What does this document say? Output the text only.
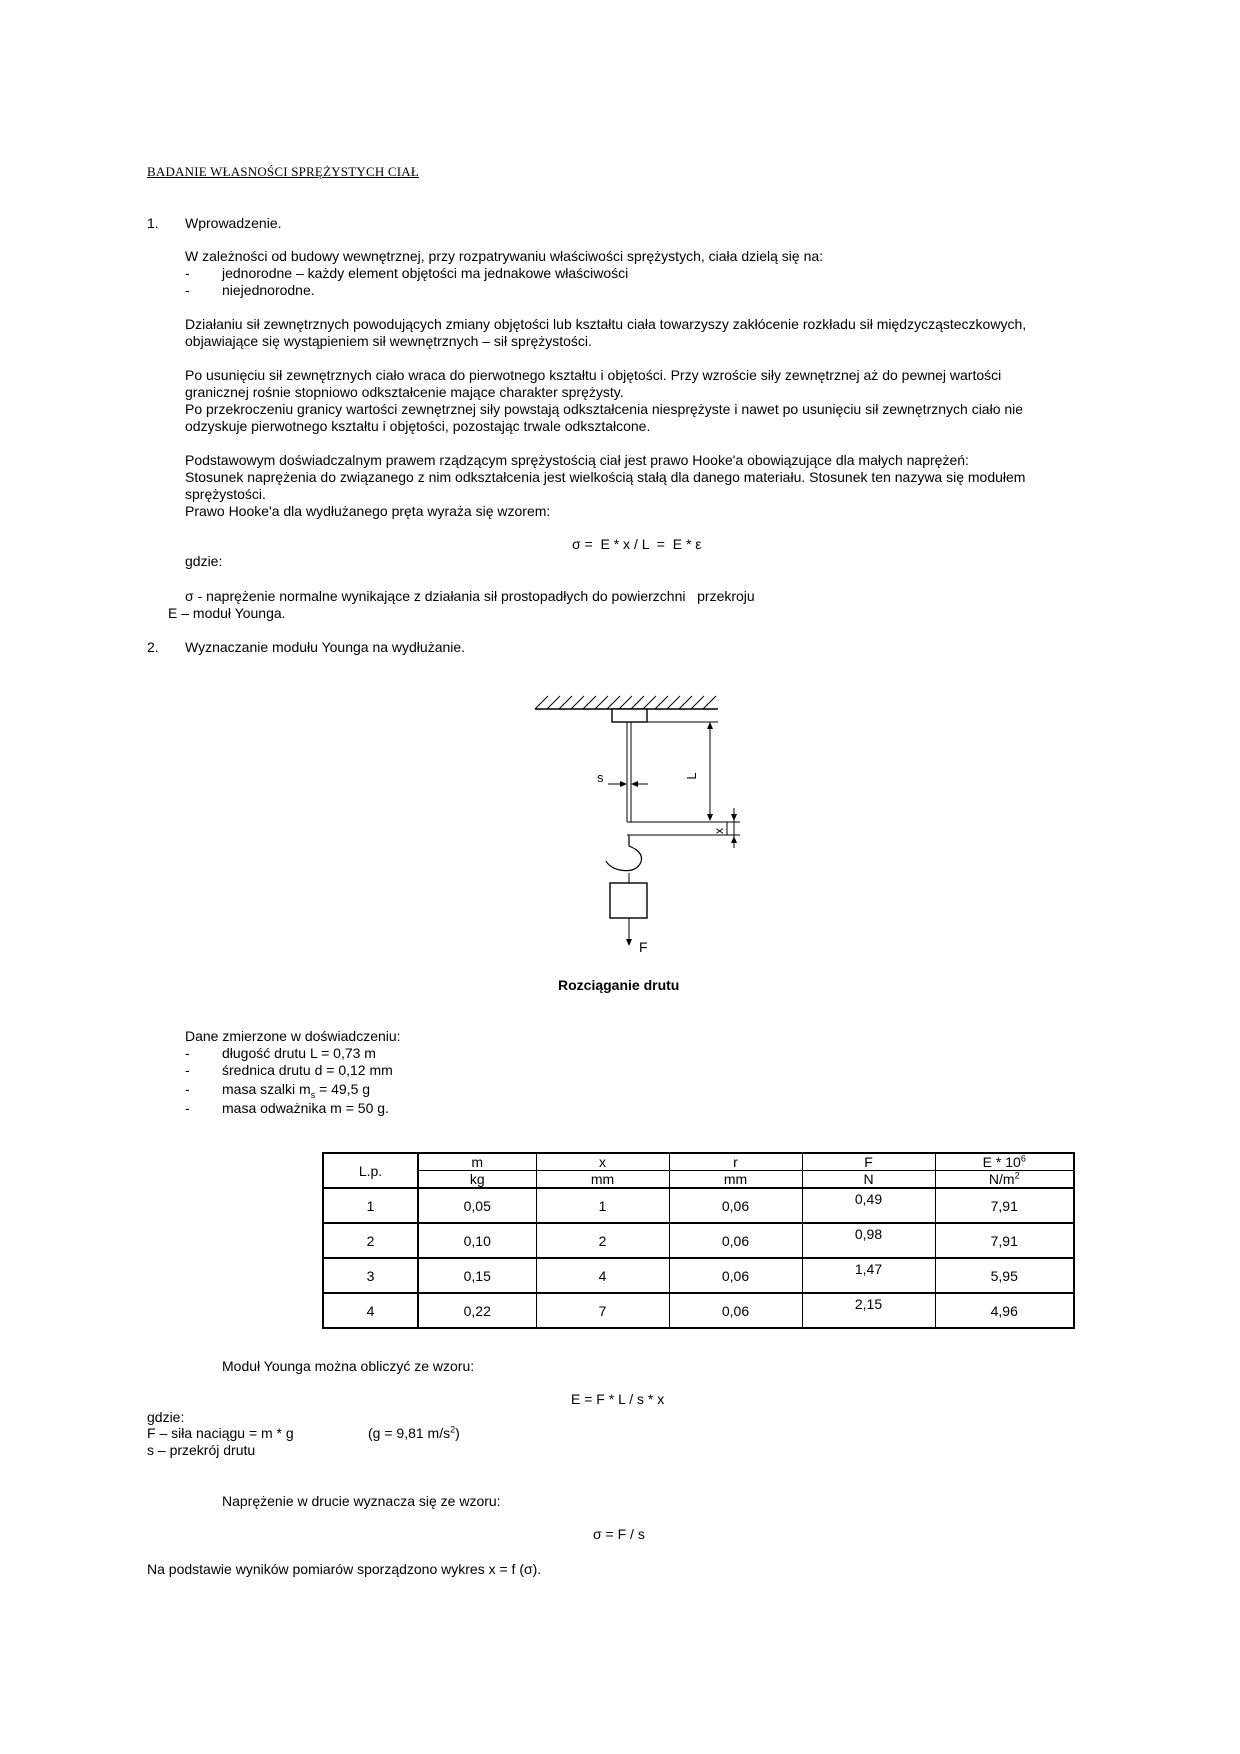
BADANIE WŁASNOŚCI SPRĘŻYSTYCH CIAŁ
1. Wprowadzenie.
W zależności od budowy wewnętrznej, przy rozpatrywaniu właściwości sprężystych, ciała dzielą się na:
- jednorodne – każdy element objętości ma jednakowe właściwości
- niejednorodne.
Działaniu sił zewnętrznych powodujących zmiany objętości lub kształtu ciała towarzyszy zakłócenie rozkładu sił międzycząsteczkowych,
objawiające się wystąpieniem sił wewnętrznych – sił sprężystości.
Po usunięciu sił zewnętrznych ciało wraca do pierwotnego kształtu i objętości. Przy wzroście siły zewnętrznej aż do pewnej wartości
granicznej rośnie stopniowo odkształcenie mające charakter sprężysty.
Po przekroczeniu granicy wartości zewnętrznej siły powstają odkształcenia niesprężyste i nawet po usunięciu sił zewnętrznych ciało nie
odzyskuje pierwotnego kształtu i objętości, pozostając trwale odkształcone.
Podstawowym doświadczalnym prawem rządzącym sprężystością ciał jest prawo Hooke'a obowiązujące dla małych naprężeń:
Stosunek naprężenia do związanego z nim odkształcenia jest wielkością stałą dla danego materiału. Stosunek ten nazywa się modułem
sprężystości.
Prawo Hooke'a dla wydłużanego pręta wyraża się wzorem:
σ =  E * x / L  =  E * ε
gdzie:
σ - naprężenie normalne wynikające z działania sił prostopadłych do powierzchni   przekroju
E – moduł Younga.
2. Wyznaczanie modułu Younga na wydłużanie.
L
x
s
F
Rozciąganie drutu
Dane zmierzone w doświadczeniu:
- długość drutu L = 0,73 m
- średnica drutu d = 0,12 mm
- masa szalki $m_s = 49,5$ g
- masa odważnika m = 50 g.
L.p.	m	x	r	F	E * $10^6$
	kg	mm	mm	N	$N/m^2$
1	0,05	1	0,06	0,49	7,91
2	0,10	2	0,06	0,98	7,91
3	0,15	4	0,06	1,47	5,95
4	0,22	7	0,06	2,15	4,96
Moduł Younga można obliczyć ze wzoru:
E = F * L / s * x
gdzie:
F – siła naciągu = m * g	(g = 9,81 $m/s^2$)
s – przekrój drutu
Naprężenie w drucie wyznacza się ze wzoru:
σ = F / s
Na podstawie wyników pomiarów sporządzono wykres x = f (σ).
